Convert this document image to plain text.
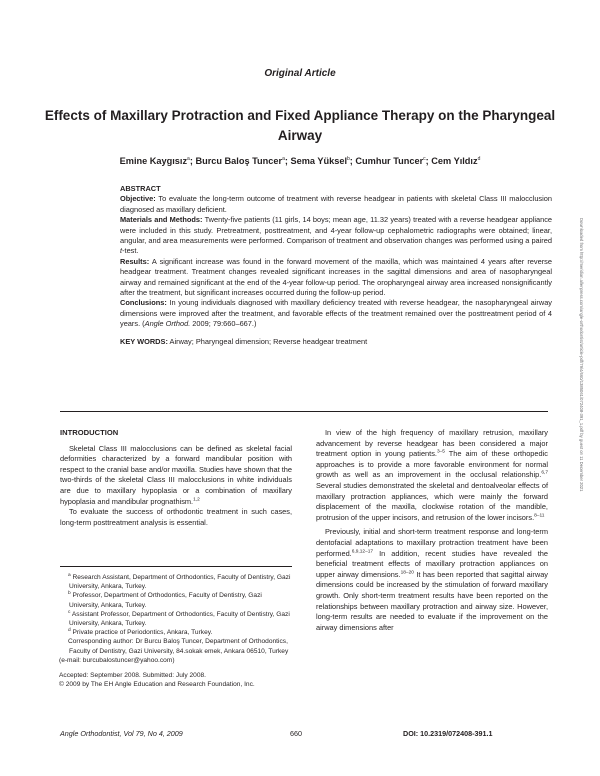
Original Article
Effects of Maxillary Protraction and Fixed Appliance Therapy on the Pharyngeal Airway
Emine Kaygısız$^a$; Burcu Baloş Tuncer$^a$; Sema Yüksel$^b$; Cumhur Tuncer$^c$; Cem Yıldız$^d$

ABSTRACT

Objective: To evaluate the long-term outcome of treatment with reverse headgear in patients with skeletal Class III malocclusion diagnosed as maxillary deficient.

Materials and Methods: Twenty-five patients (11 girls, 14 boys; mean age, 11.32 years) treated with a reverse headgear appliance were included in this study. Pretreatment, posttreatment, and 4-year follow-up cephalometric radiographs were obtained; linear, angular, and area measurements were performed. Comparison of treatment and observation changes was performed using a paired t-test.

Results: A significant increase was found in the forward movement of the maxilla, which was maintained 4 years after reverse headgear treatment. Treatment changes revealed significant increases in the sagittal dimensions and area of nasopharyngeal airway and remained significant at the end of the 4-year follow-up period. The oropharyngeal airway area increased nonsignificantly after the treatment, but significant increases occurred during the follow-up period.

Conclusions: In young individuals diagnosed with maxillary deficiency treated with reverse headgear, the nasopharyngeal airway dimensions were improved after the treatment, and favorable effects of the treatment remained over the posttreatment period of 4 years. (Angle Orthod. 2009; 79:660–667.)

KEY WORDS: Airway; Pharyngeal dimension; Reverse headgear treatment

INTRODUCTION

Skeletal Class III malocclusions can be defined as skeletal facial deformities characterized by a forward mandibular position with respect to the cranial base and/or maxilla. Studies have shown that the two-thirds of the skeletal Class III malocclusions in white individuals are due to maxillary hypoplasia or a combination of maxillary hypoplasia and mandibular prognathism.$^{1,2}$

To evaluate the success of orthodontic treatment in such cases, long-term posttreatment analysis is essential.

$^a$ Research Assistant, Department of Orthodontics, Faculty of Dentistry, Gazi University, Ankara, Turkey.

$^b$ Professor, Department of Orthodontics, Faculty of Dentistry, Gazi University, Ankara, Turkey.

$^c$ Assistant Professor, Department of Orthodontics, Faculty of Dentistry, Gazi University, Ankara, Turkey.

$^d$ Private practice of Periodontics, Ankara, Turkey.

Corresponding author: Dr Burcu Baloş Tuncer, Department of Orthodontics, Faculty of Dentistry, Gazi University, 84.sokak emek, Ankara 06510, Turkey

(e-mail: burcubalostuncer@yahoo.com)

Accepted: September 2008. Submitted: July 2008.

© 2009 by The EH Angle Education and Research Foundation, Inc.

In view of the high frequency of maxillary retrusion, maxillary advancement by reverse headgear has been considered a major treatment option in young patients.$^{3-5}$ The aim of these orthopedic approaches is to provide a more favorable environment for normal growth as well as an improvement in the occlusal relationship.$^{6,7}$ Several studies demonstrated the skeletal and dentoalveolar effects of maxillary protraction appliances, which were mainly the forward displacement of the maxilla, clockwise rotation of the mandible, protrusion of the upper incisors, and retrusion of the lower incisors.$^{8-11}$

Previously, initial and short-term treatment response and long-term dentofacial adaptations to maxillary protraction treatment have been performed.$^{6,9,12-17}$ In addition, recent studies have revealed the beneficial treatment effects of maxillary protraction appliances on upper airway dimensions.$^{18-20}$ It has been reported that sagittal airway dimensions could be increased by the stimulation of forward maxillary growth. Only short-term treatment results have been reported on the relationships between maxillary protraction and airway size. However, long-term results are needed to evaluate if the improvement on the airway dimensions after

Downloaded from http://meridian.allenpress.com/angle-orthodontist/article-pdf/79/4/660/1385061/072408-391_1.pdf by guest on 11 December 2021
Angle Orthodontist, Vol 79, No 4, 2009	660	DOI: 10.2319/072408-391.1
